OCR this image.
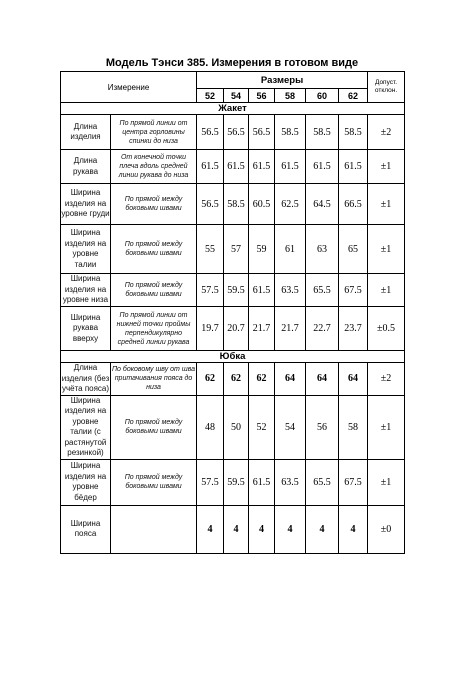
Модель Тэнси 385. Измерения в готовом виде
Измерение		Размеры						Допуст. отклон.
		52	54	56	58	60	62	
Жакет								
Длина изделия	По прямой линии от центра горловины спинки до низа	56.5	56.5	56.5	58.5	58.5	58.5	±2
Длина рукава	От конечной точки плеча вдоль средней линии рукава до низа	61.5	61.5	61.5	61.5	61.5	61.5	±1
Ширина изделия на уровне груди	По прямой между боковыми швами	56.5	58.5	60.5	62.5	64.5	66.5	±1
Ширина изделия на уровне талии	По прямой между боковыми швами	55	57	59	61	63	65	±1
Ширина изделия на уровне низа	По прямой между боковыми швами	57.5	59.5	61.5	63.5	65.5	67.5	±1
Ширина рукава вверху	По прямой линии от нижней точки проймы перпендикулярно средней линии рукава	19.7	20.7	21.7	21.7	22.7	23.7	±0.5
Юбка								
Длина изделия (без учёта пояса)	По боковому шву от шва притачивания пояса до низа	62	62	62	64	64	64	±2
Ширина изделия на уровне талии (с растянутой резинкой)	По прямой между боковыми швами	48	50	52	54	56	58	±1
Ширина изделия на уровне бёдер	По прямой между боковыми швами	57.5	59.5	61.5	63.5	65.5	67.5	±1
Ширина пояса		4	4	4	4	4	4	±0
